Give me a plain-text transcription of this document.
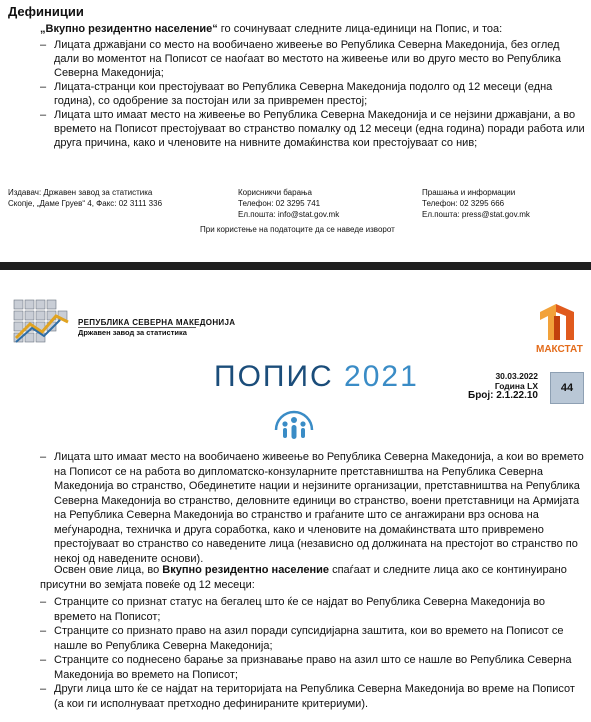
Дефиниции
„Вкупно резидентно население“ го сочинуваат следните лица-единици на Попис, и тоа:
– Лицата државјани со место на вообичаено живеење во Република Северна Македонија, без оглед дали во моментот на Пописот се наоѓаат во местото на живеење или во друго место во Република Северна Македонија;
– Лицата-странци кои престојуваат во Република Северна Македонија подолго од 12 месеци (една година), со одобрение за постојан или за привремен престој;
– Лицата што имаат место на живеење во Република Северна Македонија и се нејзини државјани, а во времето на Пописот престојуваат во странство помалку од 12 месеци (една година) поради работа или друга причина, како и членовите на нивните домаќинства кои престојуваат со нив;
Издавач: Државен завод за статистика
Скопје, „Даме Груев“ 4, Факс: 02 3111 336
Корисникчи барања
Телефон: 02 3295 741
Ел.пошта: info@stat.gov.mk
Прашања и информации
Телефон: 02 3295 666
Ел.пошта: press@stat.gov.mk
При користење на податоците да се наведе изворот
РЕПУБЛИКА СЕВЕРНА МАКЕДОНИЈА
Државен завод за статистика
МАКСТАТ
ПОПИС 2021	30.03.2022
Година LX
Број: 2.1.22.10
44
– Лицата што имаат место на вообичаено живеење во Република Северна Македонија, а кои во времето на Пописот се на работа во дипломатско-конзуларните претставништва на Република Северна Македонија во странство, Обединетите нации и нејзините организации, претставништва на Република Северна Македонија во странство, делoвните единици во странство, воени претставници на Армијата на Република Северна Македонија во странство и граѓаните што се ангажирани врз основа на меѓународна, техничка и друга соработка, како и членовите на домаќинствата што привремено престојуваат во странство со наведените лица (независно од должината на престојот во странство по некој од наведените основи).
Освен овие лица, во Вкупно резидентно население спаѓаат и следните лица ако се континуирано присутни во земјата повеќе од 12 месеци:
– Странците со признат статус на бегалец што ќе се најдат во Република Северна Македонија во времето на Пописот;
– Странците со признато право на азил поради супсидијарна заштита, кои во времето на Пописот се нашле во Република Северна Македонија;
– Странците со поднесено барање за признавање право на азил што се нашле во Република Северна Македонија во времето на Пописот;
– Други лица што ќе се најдат на територијата на Република Северна Македонија во време на Пописот (а кои ги исполнуваат претходно дефинираните критериуми).
